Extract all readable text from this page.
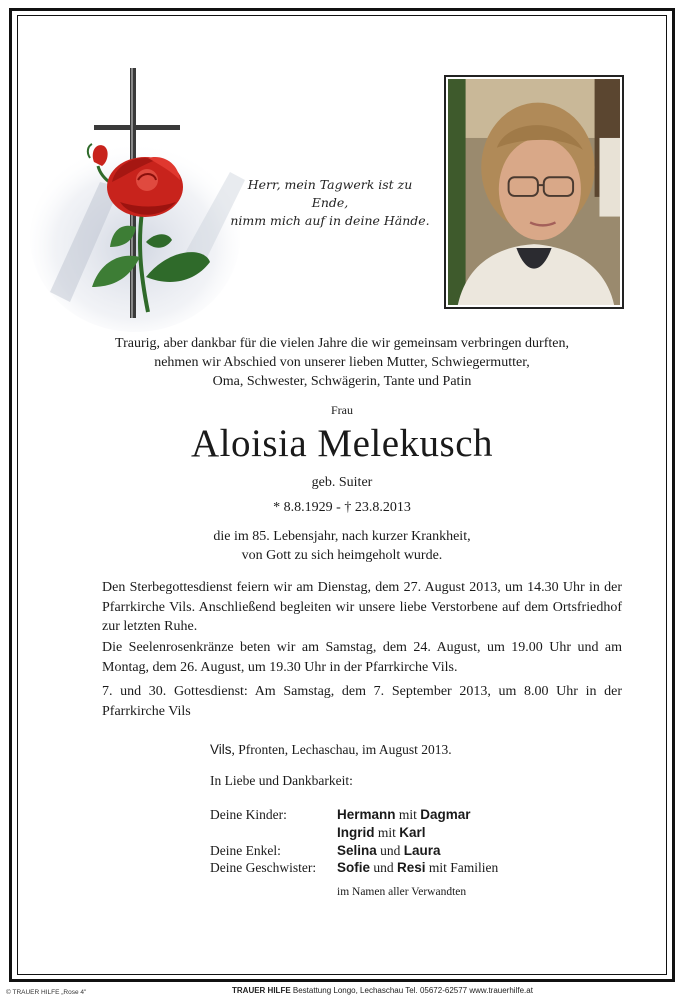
Herr, mein Tagwerk ist zu Ende,
nimm mich auf in deine Hände.
Traurig, aber dankbar für die vielen Jahre die wir gemeinsam verbringen durften,
nehmen wir Abschied von unserer lieben Mutter, Schwiegermutter,
Oma, Schwester, Schwägerin, Tante und Patin
Frau
Aloisia Melekusch
geb. Suiter
* 8.8.1929 - † 23.8.2013
die im 85. Lebensjahr, nach kurzer Krankheit,
von Gott zu sich heimgeholt wurde.
Den Sterbegottesdienst feiern wir am Dienstag, dem 27. August 2013, um 14.30 Uhr in der Pfarrkirche Vils. Anschließend begleiten wir unsere liebe Verstorbene auf dem Ortsfriedhof zur letzten Ruhe.
Die Seelenrosenkränze beten wir am Samstag, dem 24. August, um 19.00 Uhr und am Montag, dem 26. August, um 19.30 Uhr in der Pfarrkirche Vils.
7. und 30. Gottesdienst: Am Samstag, dem 7. September 2013, um 8.00 Uhr in der Pfarrkirche Vils
Vils, Pfronten, Lechaschau, im August 2013.
In Liebe und Dankbarkeit:
Deine Kinder:	Hermann mit Dagmar
Ingrid mit Karl
Deine Enkel:	Selina und Laura
Deine Geschwister: Sofie und Resi mit Familien
im Namen aller Verwandten
© TRAUER HILFE „Rose 4"	TRAUER HILFE Bestattung Longo, Lechaschau Tel. 05672-62577 www.trauerhilfe.at
